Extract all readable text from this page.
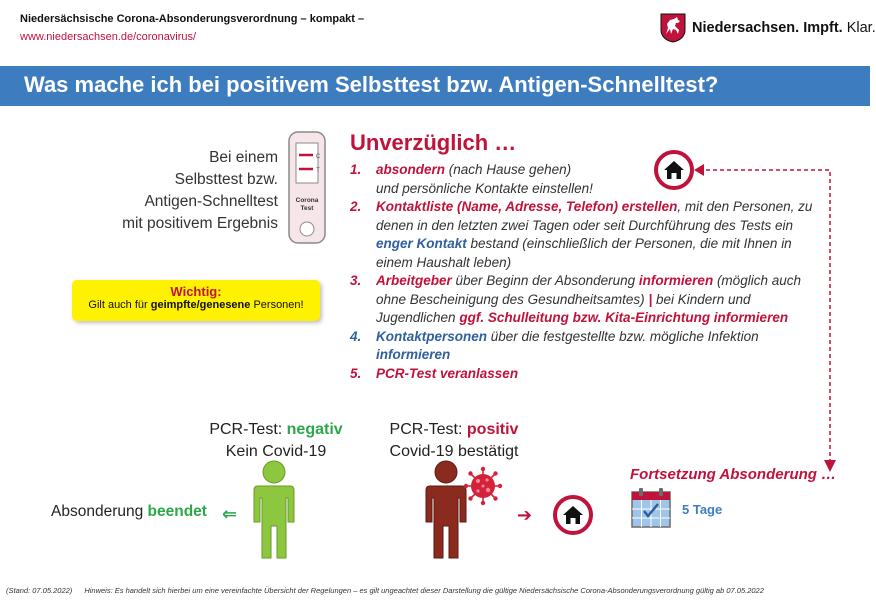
Niedersächsische Corona-Absonderungsverordnung – kompakt –
www.niedersachsen.de/coronavirus/
Niedersachsen. Impft. Klar.
Was mache ich bei positivem Selbsttest bzw. Antigen-Schnelltest?
Bei einem
Selbsttest bzw.
Antigen-Schnelltest
mit positivem Ergebnis
C
T
Corona
Test
Wichtig:
Gilt auch für geimpfte/genesene Personen!
Unverzüglich …
1. absondern (nach Hause gehen)
und persönliche Kontakte einstellen!
2. Kontaktliste (Name, Adresse, Telefon) erstellen, mit den Personen, zu denen in den letzten zwei Tagen oder seit Durchführung des Tests ein enger Kontakt bestand (einschließlich der Personen, die mit Ihnen in einem Haushalt leben)
3. Arbeitgeber über Beginn der Absonderung informieren (möglich auch ohne Bescheinigung des Gesundheitsamtes) | bei Kindern und Jugendlichen ggf. Schulleitung bzw. Kita-Einrichtung informieren
4. Kontaktpersonen über die festgestellte bzw. mögliche Infektion informieren
5. PCR-Test veranlassen
PCR-Test: negativ
Kein Covid-19
PCR-Test: positiv
Covid-19 bestätigt
Absonderung beendet ⇐	➔
Fortsetzung Absonderung …
5 Tage
(Stand: 07.05.2022) Hinweis: Es handelt sich hierbei um eine vereinfachte Übersicht der Regelungen – es gilt ungeachtet dieser Darstellung die gültige Niedersächsische Corona-Absonderungsverordnung gültig ab 07.05.2022
